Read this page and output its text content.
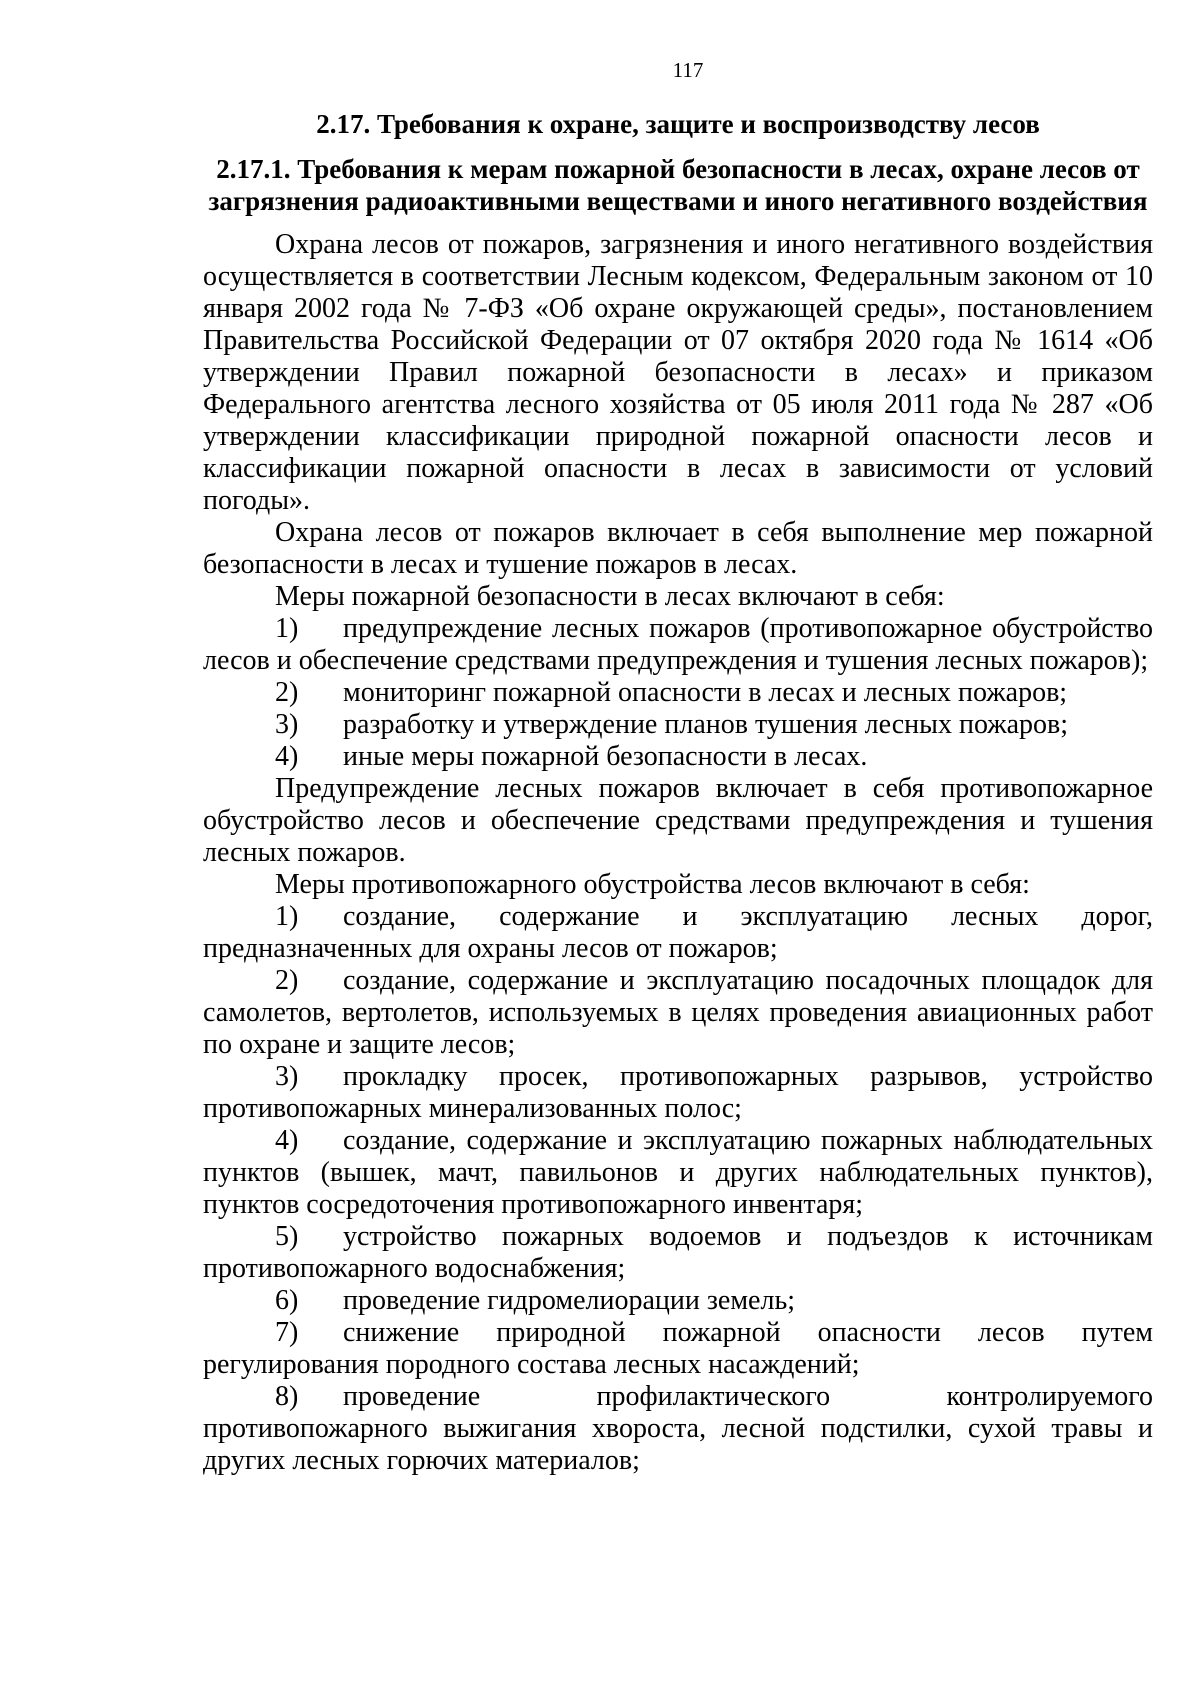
117
2.17. Требования к охране, защите и воспроизводству лесов
2.17.1. Требования к мерам пожарной безопасности в лесах, охране лесов от загрязнения радиоактивными веществами и иного негативного воздействия

Охрана лесов от пожаров, загрязнения и иного негативного воздействия осуществляется в соответствии Лесным кодексом, Федеральным законом от 10 января 2002 года № 7-ФЗ «Об охране окружающей среды», постановлением Правительства Российской Федерации от 07 октября 2020 года № 1614 «Об утверждении Правил пожарной безопасности в лесах» и приказом Федерального агентства лесного хозяйства от 05 июля 2011 года № 287 «Об утверждении классификации природной пожарной опасности лесов и классификации пожарной опасности в лесах в зависимости от условий погоды».

Охрана лесов от пожаров включает в себя выполнение мер пожарной безопасности в лесах и тушение пожаров в лесах.

Меры пожарной безопасности в лесах включают в себя:

1) предупреждение лесных пожаров (противопожарное обустройство лесов и обеспечение средствами предупреждения и тушения лесных пожаров);

2) мониторинг пожарной опасности в лесах и лесных пожаров;

3) разработку и утверждение планов тушения лесных пожаров;

4) иные меры пожарной безопасности в лесах.

Предупреждение лесных пожаров включает в себя противопожарное обустройство лесов и обеспечение средствами предупреждения и тушения лесных пожаров.

Меры противопожарного обустройства лесов включают в себя:

1) создание, содержание и эксплуатацию лесных дорог, предназначенных для охраны лесов от пожаров;

2) создание, содержание и эксплуатацию посадочных площадок для самолетов, вертолетов, используемых в целях проведения авиационных работ по охране и защите лесов;

3) прокладку просек, противопожарных разрывов, устройство противопожарных минерализованных полос;

4) создание, содержание и эксплуатацию пожарных наблюдательных пунктов (вышек, мачт, павильонов и других наблюдательных пунктов), пунктов сосредоточения противопожарного инвентаря;

5) устройство пожарных водоемов и подъездов к источникам противопожарного водоснабжения;

6) проведение гидромелиорации земель;

7) снижение природной пожарной опасности лесов путем регулирования породного состава лесных насаждений;

8) проведение профилактического контролируемого противопожарного выжигания хвороста, лесной подстилки, сухой травы и других лесных горючих материалов;
